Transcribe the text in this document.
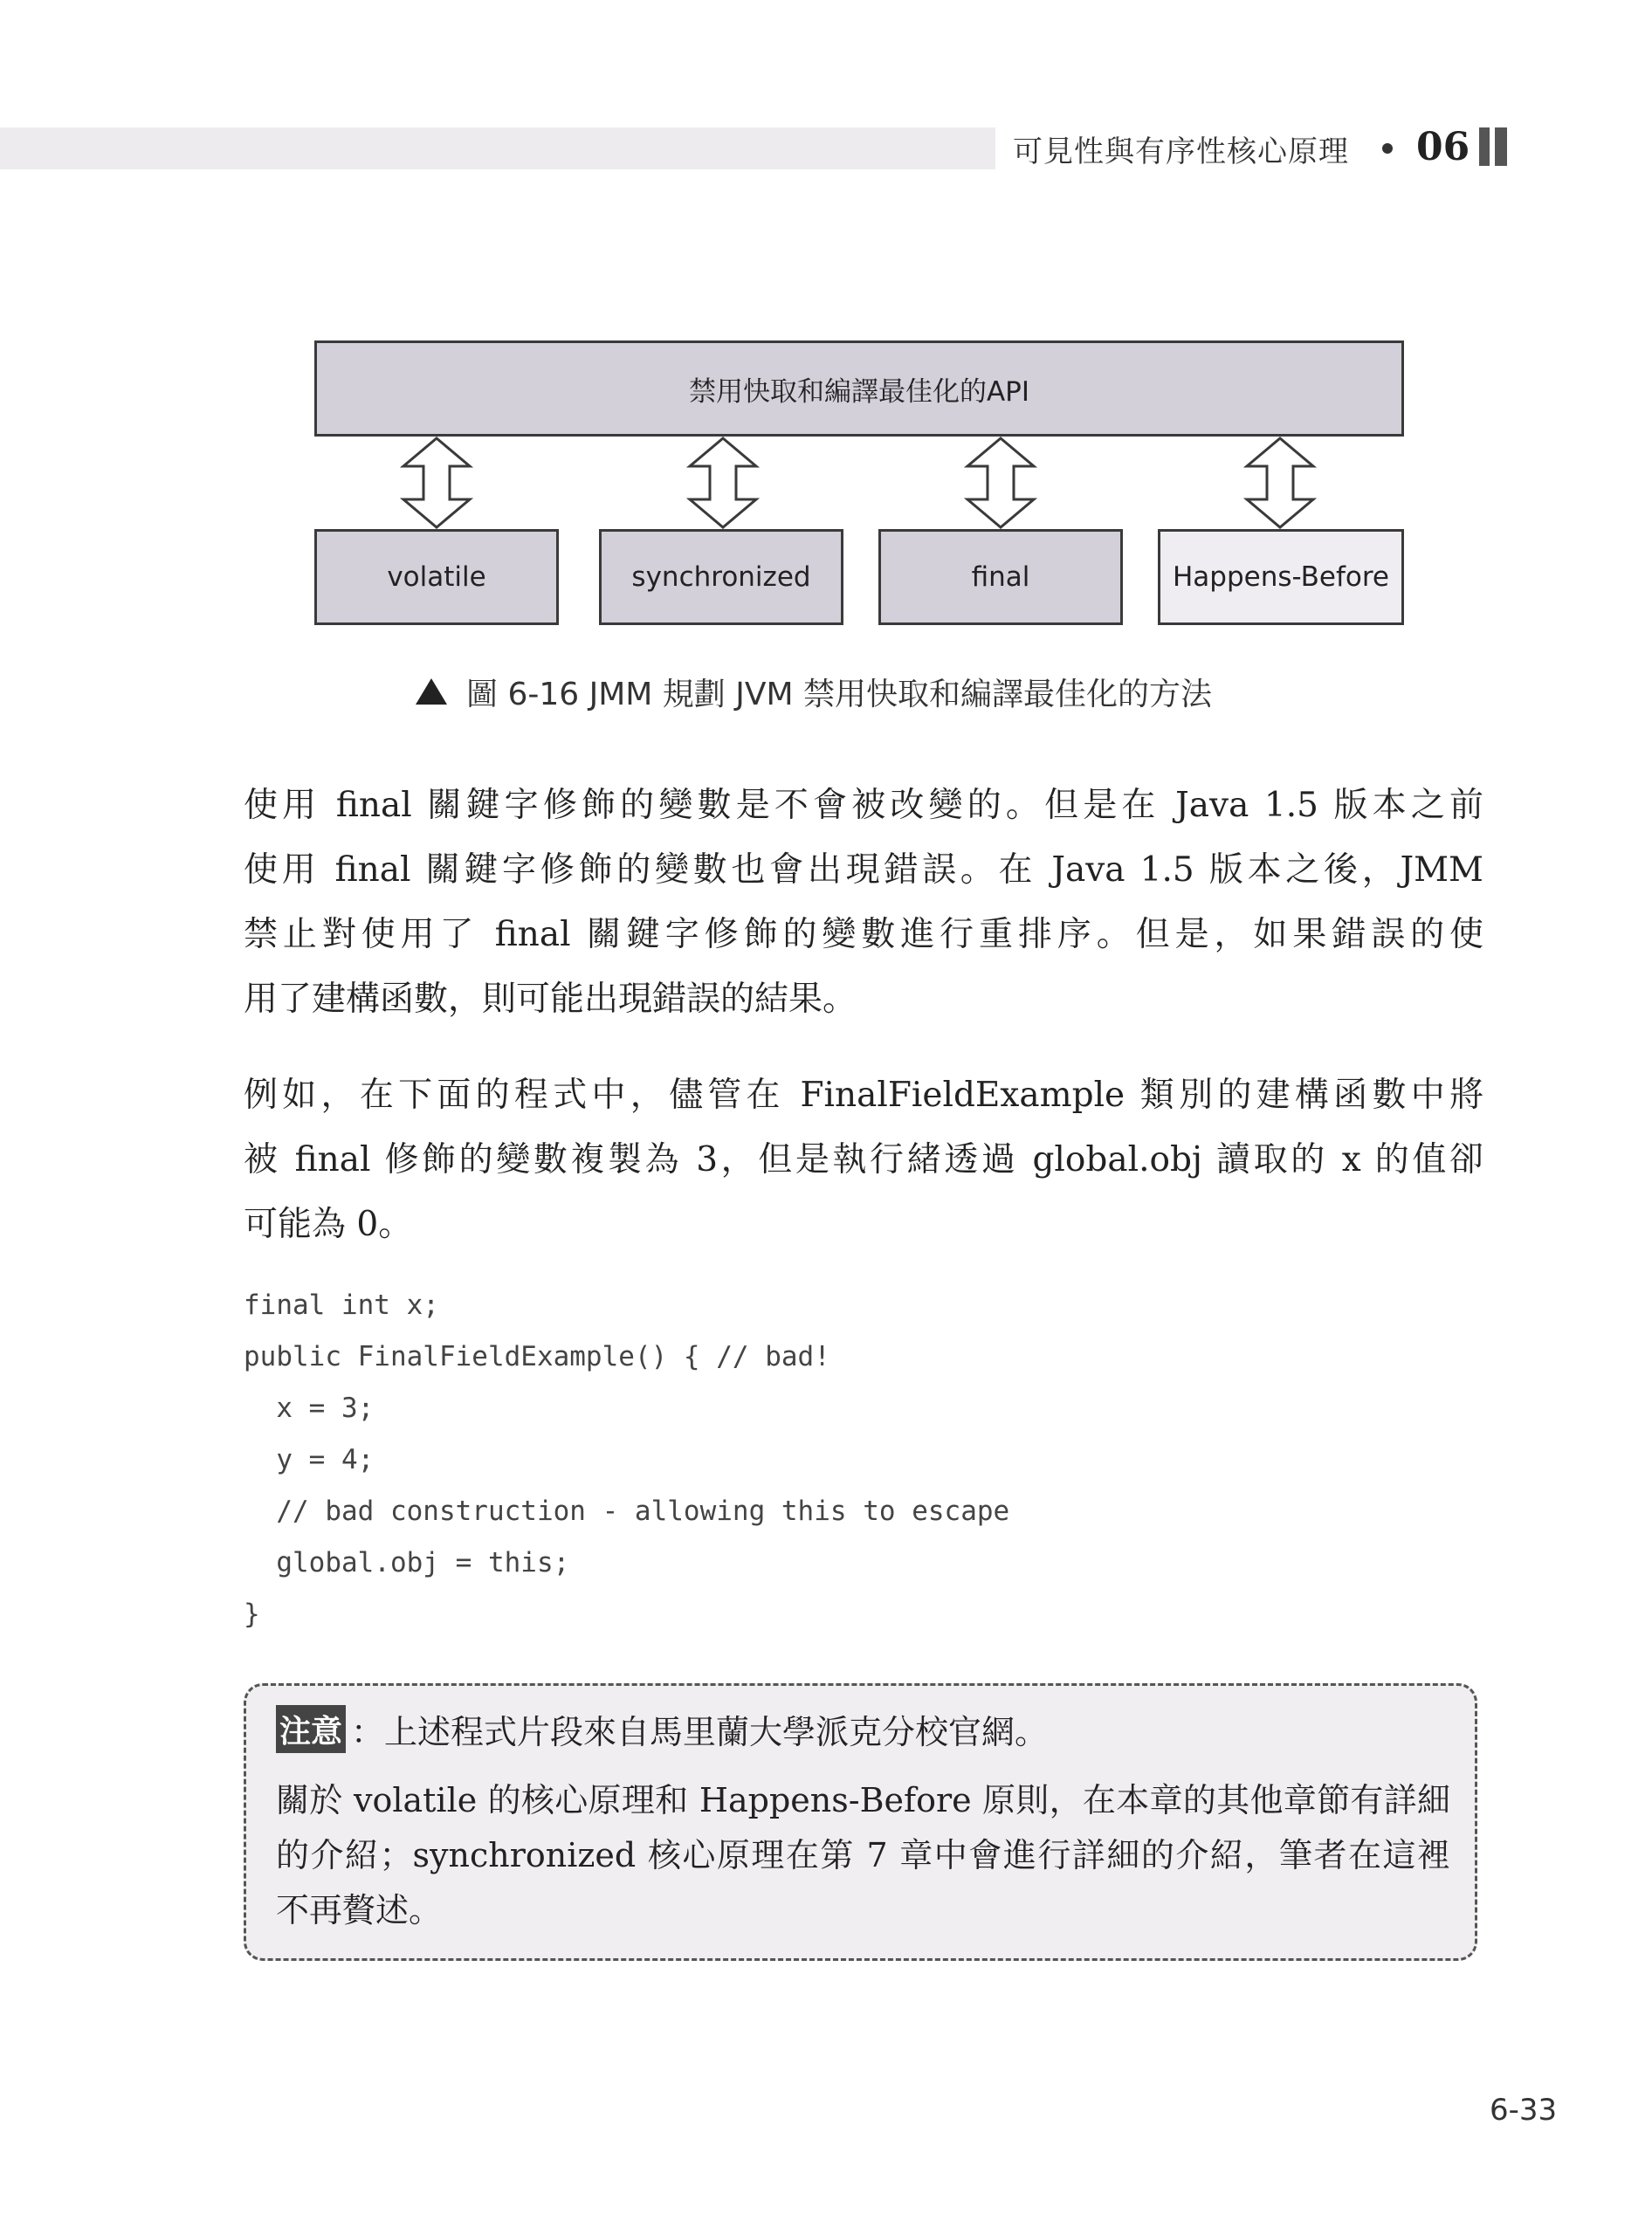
可見性與有序性核心原理 06
禁用快取和編譯最佳化的API
volatile	synchronized	final	Happens-Before
圖 6-16 JMM 規劃 JVM 禁用快取和編譯最佳化的方法
使用 final 關鍵字修飾的變數是不會被改變的。但是在 Java 1.5 版本之前
使用 final 關鍵字修飾的變數也會出現錯誤。在 Java 1.5 版本之後，JMM
禁止對使用了 final 關鍵字修飾的變數進行重排序。但是，如果錯誤的使
用了建構函數，則可能出現錯誤的結果。
例如，在下面的程式中，儘管在 FinalFieldExample 類別的建構函數中將
被 final 修飾的變數複製為 3，但是執行緒透過 global.obj 讀取的 x 的值卻
可能為 0。
final int x;
public FinalFieldExample() { // bad!
x = 3;
y = 4;
// bad construction - allowing this to escape
global.obj = this;
}
注意 ：上述程式片段來自馬里蘭大學派克分校官網。
關於 volatile 的核心原理和 Happens-Before 原則，在本章的其他章節有詳細
的介紹；synchronized 核心原理在第 7 章中會進行詳細的介紹，筆者在這裡
不再贅述。
6-33
